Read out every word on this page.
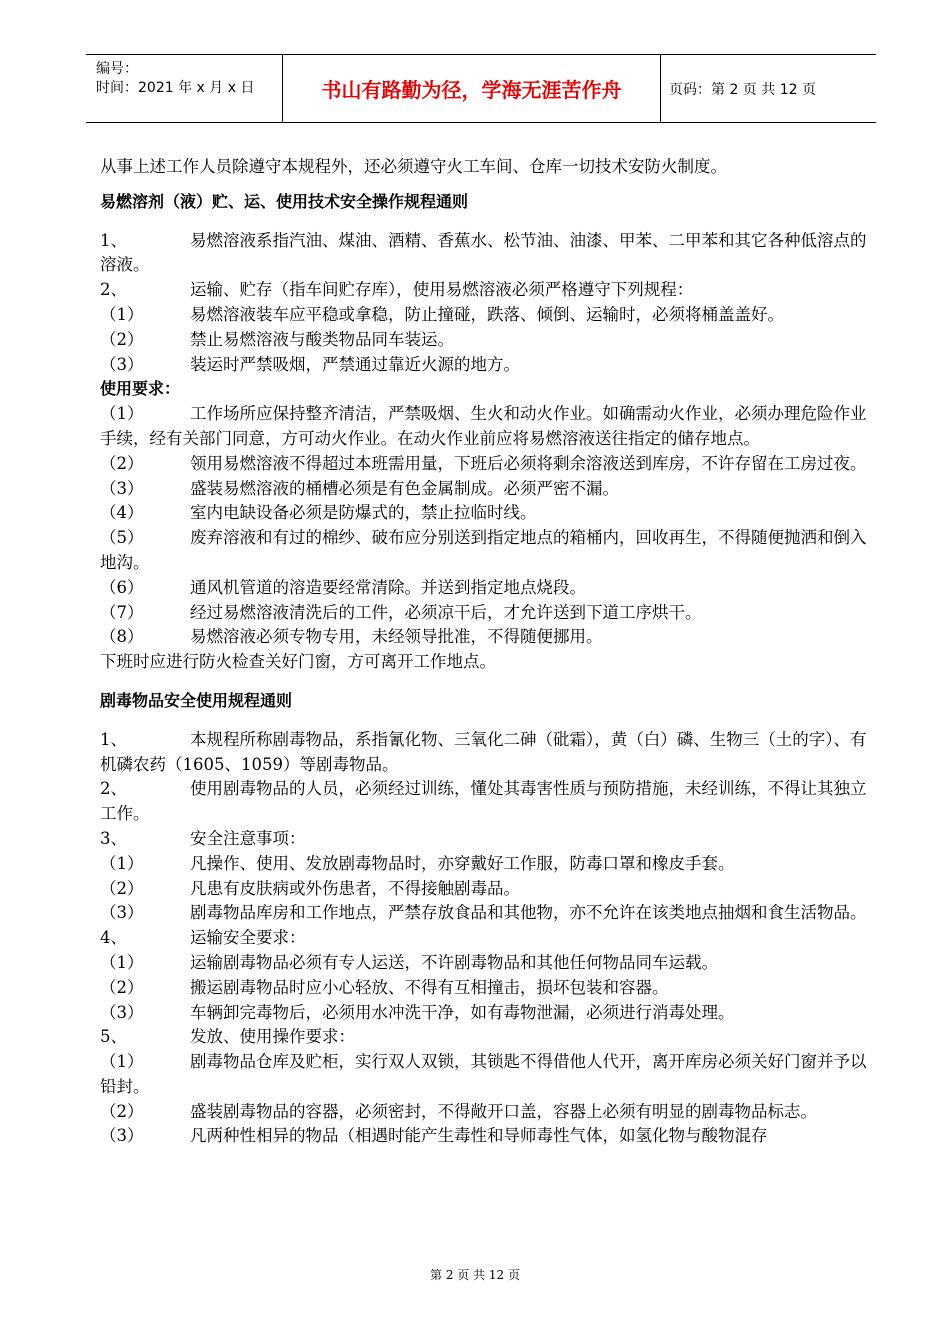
编号：
时间：2021 年 x 月 x 日	书山有路勤为径，学海无涯苦作舟	页码：第 2 页 共 12 页
从事上述工作人员除遵守本规程外，还必须遵守火工车间、仓库一切技术安防火制度。
易燃溶剂（液）贮、运、使用技术安全操作规程通则
1、	易燃溶液系指汽油、煤油、酒精、香蕉水、松节油、油漆、甲苯、二甲苯和其它各种低溶点的溶液。
2、	运输、贮存（指车间贮存库），使用易燃溶液必须严格遵守下列规程：
（1）	易燃溶液装车应平稳或拿稳，防止撞碰，跌落、倾倒、运输时，必须将桶盖盖好。
（2）	禁止易燃溶液与酸类物品同车装运。
（3）	装运时严禁吸烟，严禁通过靠近火源的地方。
使用要求：
（1）	工作场所应保持整齐清洁，严禁吸烟、生火和动火作业。如确需动火作业，必须办理危险作业手续，经有关部门同意，方可动火作业。在动火作业前应将易燃溶液送往指定的储存地点。
（2）	领用易燃溶液不得超过本班需用量，下班后必须将剩余溶液送到库房，不许存留在工房过夜。
（3）	盛装易燃溶液的桶槽必须是有色金属制成。必须严密不漏。
（4）	室内电缺设备必须是防爆式的，禁止拉临时线。
（5）	废弃溶液和有过的棉纱、破布应分别送到指定地点的箱桶内，回收再生，不得随便抛洒和倒入地沟。
（6）	通风机管道的溶造要经常清除。并送到指定地点烧段。
（7）	经过易燃溶液清洗后的工件，必须凉干后，才允许送到下道工序烘干。
（8）	易燃溶液必须专物专用，未经领导批准，不得随便挪用。
下班时应进行防火检查关好门窗，方可离开工作地点。
剧毒物品安全使用规程通则
1、	本规程所称剧毒物品，系指氰化物、三氧化二砷（砒霜），黄（白）磷、生物三（土的字）、有机磷农药（1605、1059）等剧毒物品。
2、	使用剧毒物品的人员，必须经过训练，懂处其毒害性质与预防措施，未经训练，不得让其独立工作。
3、	安全注意事项：
（1）	凡操作、使用、发放剧毒物品时，亦穿戴好工作服，防毒口罩和橡皮手套。
（2）	凡患有皮肤病或外伤患者，不得接触剧毒品。
（3）	剧毒物品库房和工作地点，严禁存放食品和其他物，亦不允许在该类地点抽烟和食生活物品。
4、	运输安全要求：
（1）	运输剧毒物品必须有专人运送，不许剧毒物品和其他任何物品同车运载。
（2）	搬运剧毒物品时应小心轻放、不得有互相撞击，损坏包装和容器。
（3）	车辆卸完毒物后，必须用水冲洗干净，如有毒物泄漏，必须进行消毒处理。
5、	发放、使用操作要求：
（1）	剧毒物品仓库及贮柜，实行双人双锁，其锁匙不得借他人代开，离开库房必须关好门窗并予以铅封。
（2）	盛装剧毒物品的容器，必须密封，不得敞开口盖，容器上必须有明显的剧毒物品标志。
（3）	凡两种性相异的物品（相遇时能产生毒性和导师毒性气体，如氢化物与酸物混存
第 2 页 共 12 页
